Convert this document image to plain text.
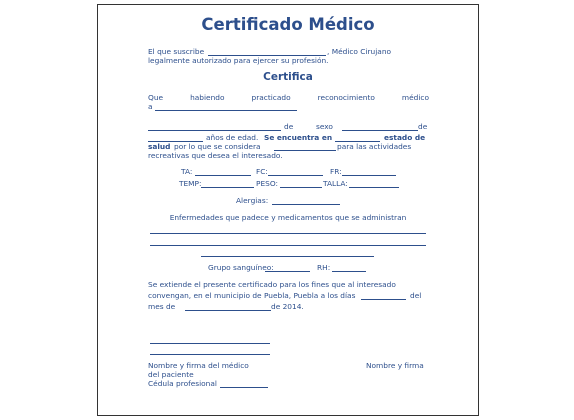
Certificado Médico
El que suscribe	, Médico Cirujano
legalmente autorizado para ejercer su profesión.
Certifica
Que	habiendo	practicado	reconocimiento	médico
a
de	sexo	de
años de edad. Se encuentra en	estado de
salud por lo que se considera	para las actividades
recreativas que desea el interesado.
TA:	FC:	FR:
TEMP:	PESO:	TALLA:
Alergias:
Enfermedades que padece y medicamentos que se administran
Grupo sanguíneo:	RH:
Se extiende el presente certificado para los fines que al interesado
convengan, en el municipio de Puebla, Puebla a los días	del
mes de	de 2014.
Nombre y firma del médico	Nombre y firma
del paciente
Cédula profesional
